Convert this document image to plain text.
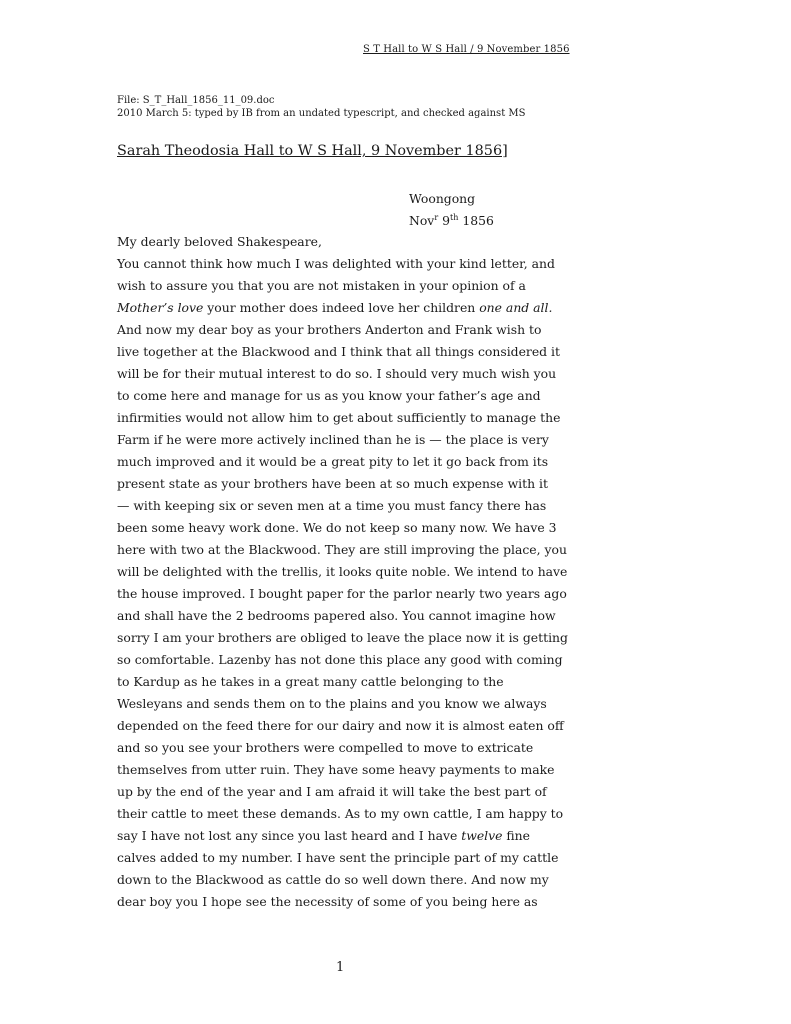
S T Hall to W S Hall / 9 November 1856
File: S_T_Hall_1856_11_09.doc
2010 March 5: typed by IB from an undated typescript, and checked against MS
Sarah Theodosia Hall to W S Hall, 9 November 1856]
Woongong
Nov$^r$ 9th 1856
My dearly beloved Shakespeare,
You cannot think how much I was delighted with your kind letter, and
wish to assure you that you are not mistaken in your opinion of a
Mother’s love your mother does indeed love her children one and all.
And now my dear boy as your brothers Anderton and Frank wish to
live together at the Blackwood and I think that all things considered it
will be for their mutual interest to do so. I should very much wish you
to come here and manage for us as you know your father’s age and
infirmities would not allow him to get about sufficiently to manage the
Farm if he were more actively inclined than he is — the place is very
much improved and it would be a great pity to let it go back from its
present state as your brothers have been at so much expense with it
— with keeping six or seven men at a time you must fancy there has
been some heavy work done. We do not keep so many now. We have 3
here with two at the Blackwood. They are still improving the place, you
will be delighted with the trellis, it looks quite noble. We intend to have
the house improved. I bought paper for the parlor nearly two years ago
and shall have the 2 bedrooms papered also. You cannot imagine how
sorry I am your brothers are obliged to leave the place now it is getting
so comfortable. Lazenby has not done this place any good with coming
to Kardup as he takes in a great many cattle belonging to the
Wesleyans and sends them on to the plains and you know we always
depended on the feed there for our dairy and now it is almost eaten off
and so you see your brothers were compelled to move to extricate
themselves from utter ruin. They have some heavy payments to make
up by the end of the year and I am afraid it will take the best part of
their cattle to meet these demands. As to my own cattle, I am happy to
say I have not lost any since you last heard and I have twelve fine
calves added to my number. I have sent the principle part of my cattle
down to the Blackwood as cattle do so well down there. And now my
dear boy you I hope see the necessity of some of you being here as
1
